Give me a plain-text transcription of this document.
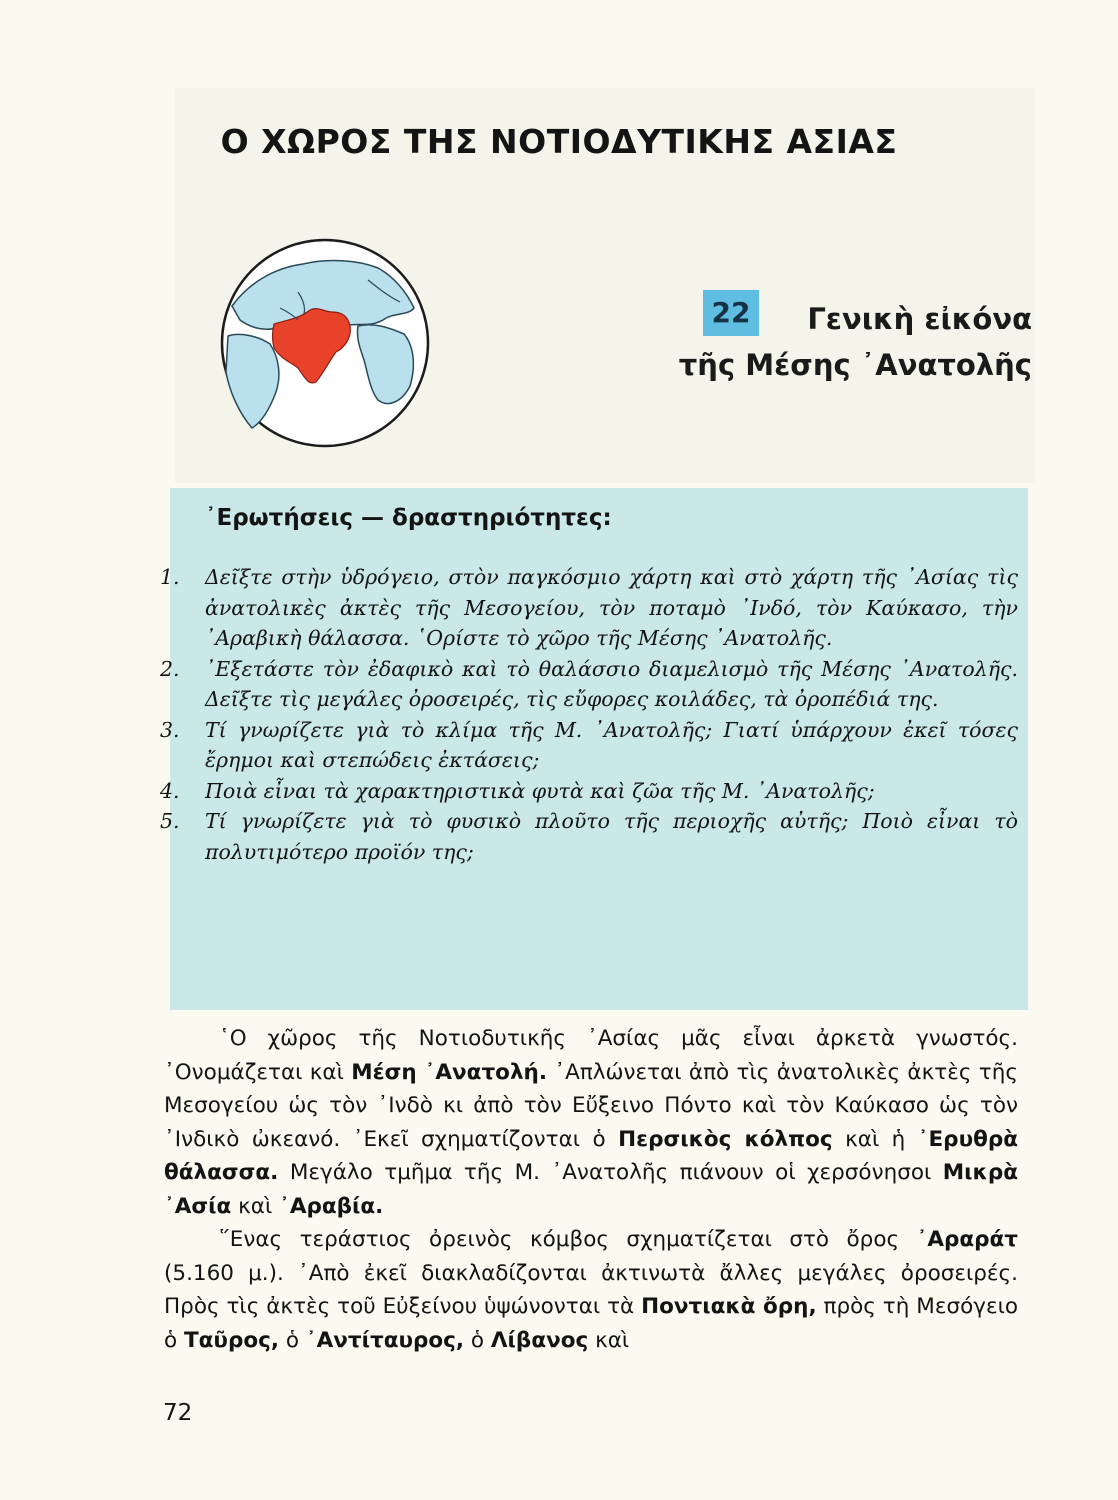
Ο ΧΩΡΟΣ ΤΗΣ ΝΟΤΙΟΔΥΤΙΚΗΣ ΑΣΙΑΣ
22	Γενικὴ εἰκόνα
τῆς Μέσης ᾿Ανατολῆς
᾿Ερωτήσεις — δραστηριότητες:
1.	Δεῖξτε στὴν ὑδρόγειο, στὸν παγκόσμιο χάρτη καὶ στὸ χάρτη τῆς ᾿Ασίας τὶς ἀνατολικὲς ἀκτὲς τῆς Μεσογείου, τὸν ποταμὸ ᾿Ινδό, τὸν Καύκασο, τὴν ᾿Αραβικὴ θάλασσα. ῾Ορίστε τὸ χῶρο τῆς Μέσης ᾿Ανατολῆς.
2.	᾿Εξετάστε τὸν ἐδαφικὸ καὶ τὸ θαλάσσιο διαμελισμὸ τῆς Μέσης ᾿Ανατολῆς. Δεῖξτε τὶς μεγάλες ὀροσειρές, τὶς εὔφορες κοιλάδες, τὰ ὀροπέδιά της.
3.	Τί γνωρίζετε γιὰ τὸ κλίμα τῆς Μ. ᾿Ανατολῆς; Γιατί ὑπάρχουν ἐκεῖ τόσες ἔρημοι καὶ στεπώδεις ἐκτάσεις;
4.	Ποιὰ εἶναι τὰ χαρακτηριστικὰ φυτὰ καὶ ζῶα τῆς Μ. ᾿Ανατολῆς;
5.	Τί γνωρίζετε γιὰ τὸ φυσικὸ πλοῦτο τῆς περιοχῆς αὐτῆς; Ποιὸ εἶναι τὸ πολυτιμότερο προϊόν της;

῾Ο χῶρος τῆς Νοτιοδυτικῆς ᾿Ασίας μᾶς εἶναι ἀρκετὰ γνωστός. ᾿Ονομάζεται καὶ Μέση ᾿Ανατολή. ᾿Απλώνεται ἀπὸ τὶς ἀνατολικὲς ἀκτὲς τῆς Μεσογείου ὡς τὸν ᾿Ινδὸ κι ἀπὸ τὸν Εὔξεινο Πόντο καὶ τὸν Καύκασο ὡς τὸν ᾿Ινδικὸ ὠκεανό. ᾿Εκεῖ σχηματίζονται ὁ Περσικὸς κόλπος καὶ ἡ ᾿Ερυθρὰ θάλασσα. Μεγάλο τμῆμα τῆς Μ. ᾿Ανατολῆς πιάνουν οἱ χερσόνησοι Μικρὰ ᾿Ασία καὶ ᾿Αραβία.

῞Ενας τεράστιος ὀρεινὸς κόμβος σχηματίζεται στὸ ὄρος ᾿Αραράτ (5.160 μ.). ᾿Απὸ ἐκεῖ διακλαδίζονται ἀκτινωτὰ ἄλλες μεγάλες ὀροσειρές. Πρὸς τὶς ἀκτὲς τοῦ Εὐξείνου ὑψώνονται τὰ Ποντιακὰ ὄρη, πρὸς τὴ Μεσόγειο ὁ Ταῦρος, ὁ ᾿Αντίταυρος, ὁ Λίβανος καὶ

72
